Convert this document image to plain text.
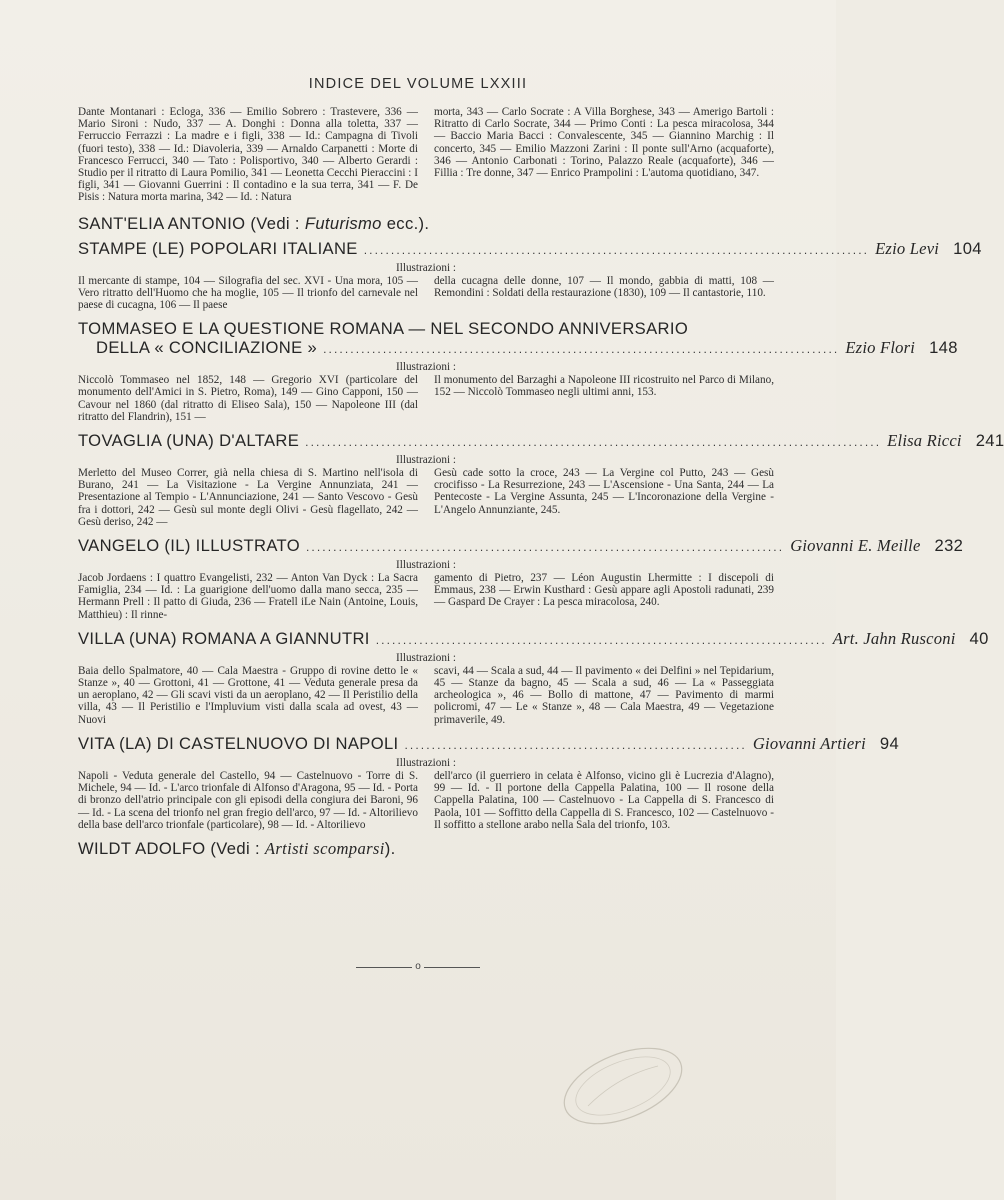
INDICE DEL VOLUME LXXIII

Dante Montanari : Ecloga, 336 — Emilio Sobrero : Trastevere, 336 — Mario Sironi : Nudo, 337 — A. Donghi : Donna alla toletta, 337 — Ferruccio Ferrazzi : La madre e i figli, 338 — Id.: Campagna di Tivoli (fuori testo), 338 — Id.: Diavoleria, 339 — Arnaldo Carpanetti : Morte di Francesco Ferrucci, 340 — Tato : Polisportivo, 340 — Alberto Gerardi : Studio per il ritratto di Laura Pomilio, 341 — Leonetta Cecchi Pieraccini : I figli, 341 — Giovanni Guerrini : Il contadino e la sua terra, 341 — F. De Pisis : Natura morta marina, 342 — Id. : Natura

morta, 343 — Carlo Socrate : A Villa Borghese, 343 — Amerigo Bartoli : Ritratto di Carlo Socrate, 344 — Primo Conti : La pesca miracolosa, 344 — Baccio Maria Bacci : Convalescente, 345 — Giannino Marchig : Il concerto, 345 — Emilio Mazzoni Zarini : Il ponte sull'Arno (acquaforte), 346 — Antonio Carbonati : Torino, Palazzo Reale (acquaforte), 346 — Fillia : Tre donne, 347 — Enrico Prampolini : L'automa quotidiano, 347.

SANT'ELIA ANTONIO (Vedi : Futurismo ecc.).
STAMPE (LE) POPOLARI ITALIANE ............................................................................................. Ezio Levi 104
Illustrazioni :

Il mercante di stampe, 104 — Silografia del sec. XVI - Una mora, 105 — Vero ritratto dell'Huomo che ha moglie, 105 — Il trionfo del carnevale nel paese di cucagna, 106 — Il paese

della cucagna delle donne, 107 — Il mondo, gabbia di matti, 108 — Remondini : Soldati della restaurazione (1830), 109 — Il cantastorie, 110.

TOMMASEO E LA QUESTIONE ROMANA — NEL SECONDO ANNIVERSARIO
DELLA « CONCILIAZIONE » ............................................................................................... Ezio Flori 148
Illustrazioni :

Niccolò Tommaseo nel 1852, 148 — Gregorio XVI (particolare del monumento dell'Amici in S. Pietro, Roma), 149 — Gino Capponi, 150 — Cavour nel 1860 (dal ritratto di Eliseo Sala), 150 — Napoleone III (dal ritratto del Flandrin), 151 —

Il monumento del Barzaghi a Napoleone III ricostruito nel Parco di Milano, 152 — Niccolò Tommaseo negli ultimi anni, 153.

TOVAGLIA (UNA) D'ALTARE .......................................................................................................... Elisa Ricci 241
Illustrazioni :

Merletto del Museo Correr, già nella chiesa di S. Martino nell'isola di Burano, 241 — La Visitazione - La Vergine Annunziata, 241 — Presentazione al Tempio - L'Annunciazione, 241 — Santo Vescovo - Gesù fra i dottori, 242 — Gesù sul monte degli Olivi - Gesù flagellato, 242 — Gesù deriso, 242 —

Gesù cade sotto la croce, 243 — La Vergine col Putto, 243 — Gesù crocifisso - La Resurrezione, 243 — L'Ascensione - Una Santa, 244 — La Pentecoste - La Vergine Assunta, 245 — L'Incoronazione della Vergine - L'Angelo Annunziante, 245.

VANGELO (IL) ILLUSTRATO ........................................................................................ Giovanni E. Meille 232
Illustrazioni :

Jacob Jordaens : I quattro Evangelisti, 232 — Anton Van Dyck : La Sacra Famiglia, 234 — Id. : La guarigione dell'uomo dalla mano secca, 235 — Hermann Prell : Il patto di Giuda, 236 — Fratell iLe Nain (Antoine, Louis, Matthieu) : Il rinne-

gamento di Pietro, 237 — Léon Augustin Lhermitte : I discepoli di Emmaus, 238 — Erwin Kusthard : Gesù appare agli Apostoli radunati, 239 — Gaspard De Crayer : La pesca miracolosa, 240.

VILLA (UNA) ROMANA A GIANNUTRI ................................................................................... Art. Jahn Rusconi 40
Illustrazioni :

Baia dello Spalmatore, 40 — Cala Maestra - Gruppo di rovine detto le « Stanze », 40 — Grottoni, 41 — Grottone, 41 — Veduta generale presa da un aeroplano, 42 — Gli scavi visti da un aeroplano, 42 — Il Peristilio della villa, 43 — Il Peristilio e l'Impluvium visti dalla scala ad ovest, 43 — Nuovi

scavi, 44 — Scala a sud, 44 — Il pavimento « dei Delfini » nel Tepidarium, 45 — Stanze da bagno, 45 — Scala a sud, 46 — La « Passeggiata archeologica », 46 — Bollo di mattone, 47 — Pavimento di marmi policromi, 47 — Le « Stanze », 48 — Cala Maestra, 49 — Vegetazione primaverile, 49.

VITA (LA) DI CASTELNUOVO DI NAPOLI ............................................................... Giovanni Artieri 94
Illustrazioni :

Napoli - Veduta generale del Castello, 94 — Castelnuovo - Torre di S. Michele, 94 — Id. - L'arco trionfale di Alfonso d'Aragona, 95 — Id. - Porta di bronzo dell'atrio principale con gli episodi della congiura dei Baroni, 96 — Id. - La scena del trionfo nel gran fregio dell'arco, 97 — Id. - Altorilievo della base dell'arco trionfale (particolare), 98 — Id. - Altorilievo

dell'arco (il guerriero in celata è Alfonso, vicino gli è Lucrezia d'Alagno), 99 — Id. - Il portone della Cappella Palatina, 100 — Il rosone della Cappella Palatina, 100 — Castelnuovo - La Cappella di S. Francesco di Paola, 101 — Soffitto della Cappella di S. Francesco, 102 — Castelnuovo - Il soffitto a stellone arabo nella Sala del trionfo, 103.

WILDT ADOLFO (Vedi : Artisti scomparsi).
o
